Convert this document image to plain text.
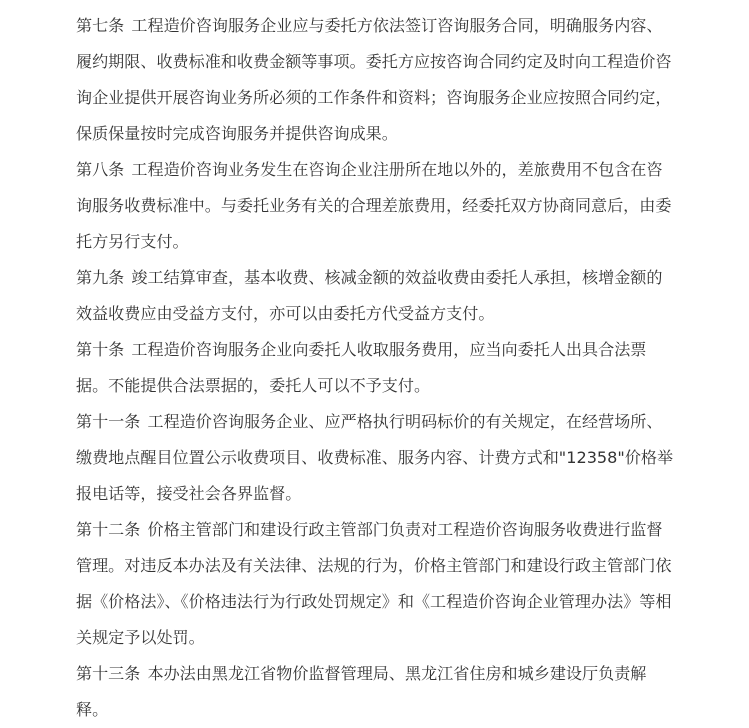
第七条 工程造价咨询服务企业应与委托方依法签订咨询服务合同，明确服务内容、履约期限、收费标准和收费金额等事项。委托方应按咨询合同约定及时向工程造价咨询企业提供开展咨询业务所必须的工作条件和资料；咨询服务企业应按照合同约定，保质保量按时完成咨询服务并提供咨询成果。

第八条 工程造价咨询业务发生在咨询企业注册所在地以外的，差旅费用不包含在咨询服务收费标准中。与委托业务有关的合理差旅费用，经委托双方协商同意后，由委托方另行支付。

第九条 竣工结算审查，基本收费、核减金额的效益收费由委托人承担，核增金额的效益收费应由受益方支付，亦可以由委托方代受益方支付。

第十条 工程造价咨询服务企业向委托人收取服务费用，应当向委托人出具合法票据。不能提供合法票据的，委托人可以不予支付。

第十一条 工程造价咨询服务企业、应严格执行明码标价的有关规定，在经营场所、缴费地点醒目位置公示收费项目、收费标准、服务内容、计费方式和"12358"价格举报电话等，接受社会各界监督。

第十二条 价格主管部门和建设行政主管部门负责对工程造价咨询服务收费进行监督管理。对违反本办法及有关法律、法规的行为，价格主管部门和建设行政主管部门依据《价格法》、《价格违法行为行政处罚规定》和《工程造价咨询企业管理办法》等相关规定予以处罚。

第十三条 本办法由黑龙江省物价监督管理局、黑龙江省住房和城乡建设厅负责解释。
